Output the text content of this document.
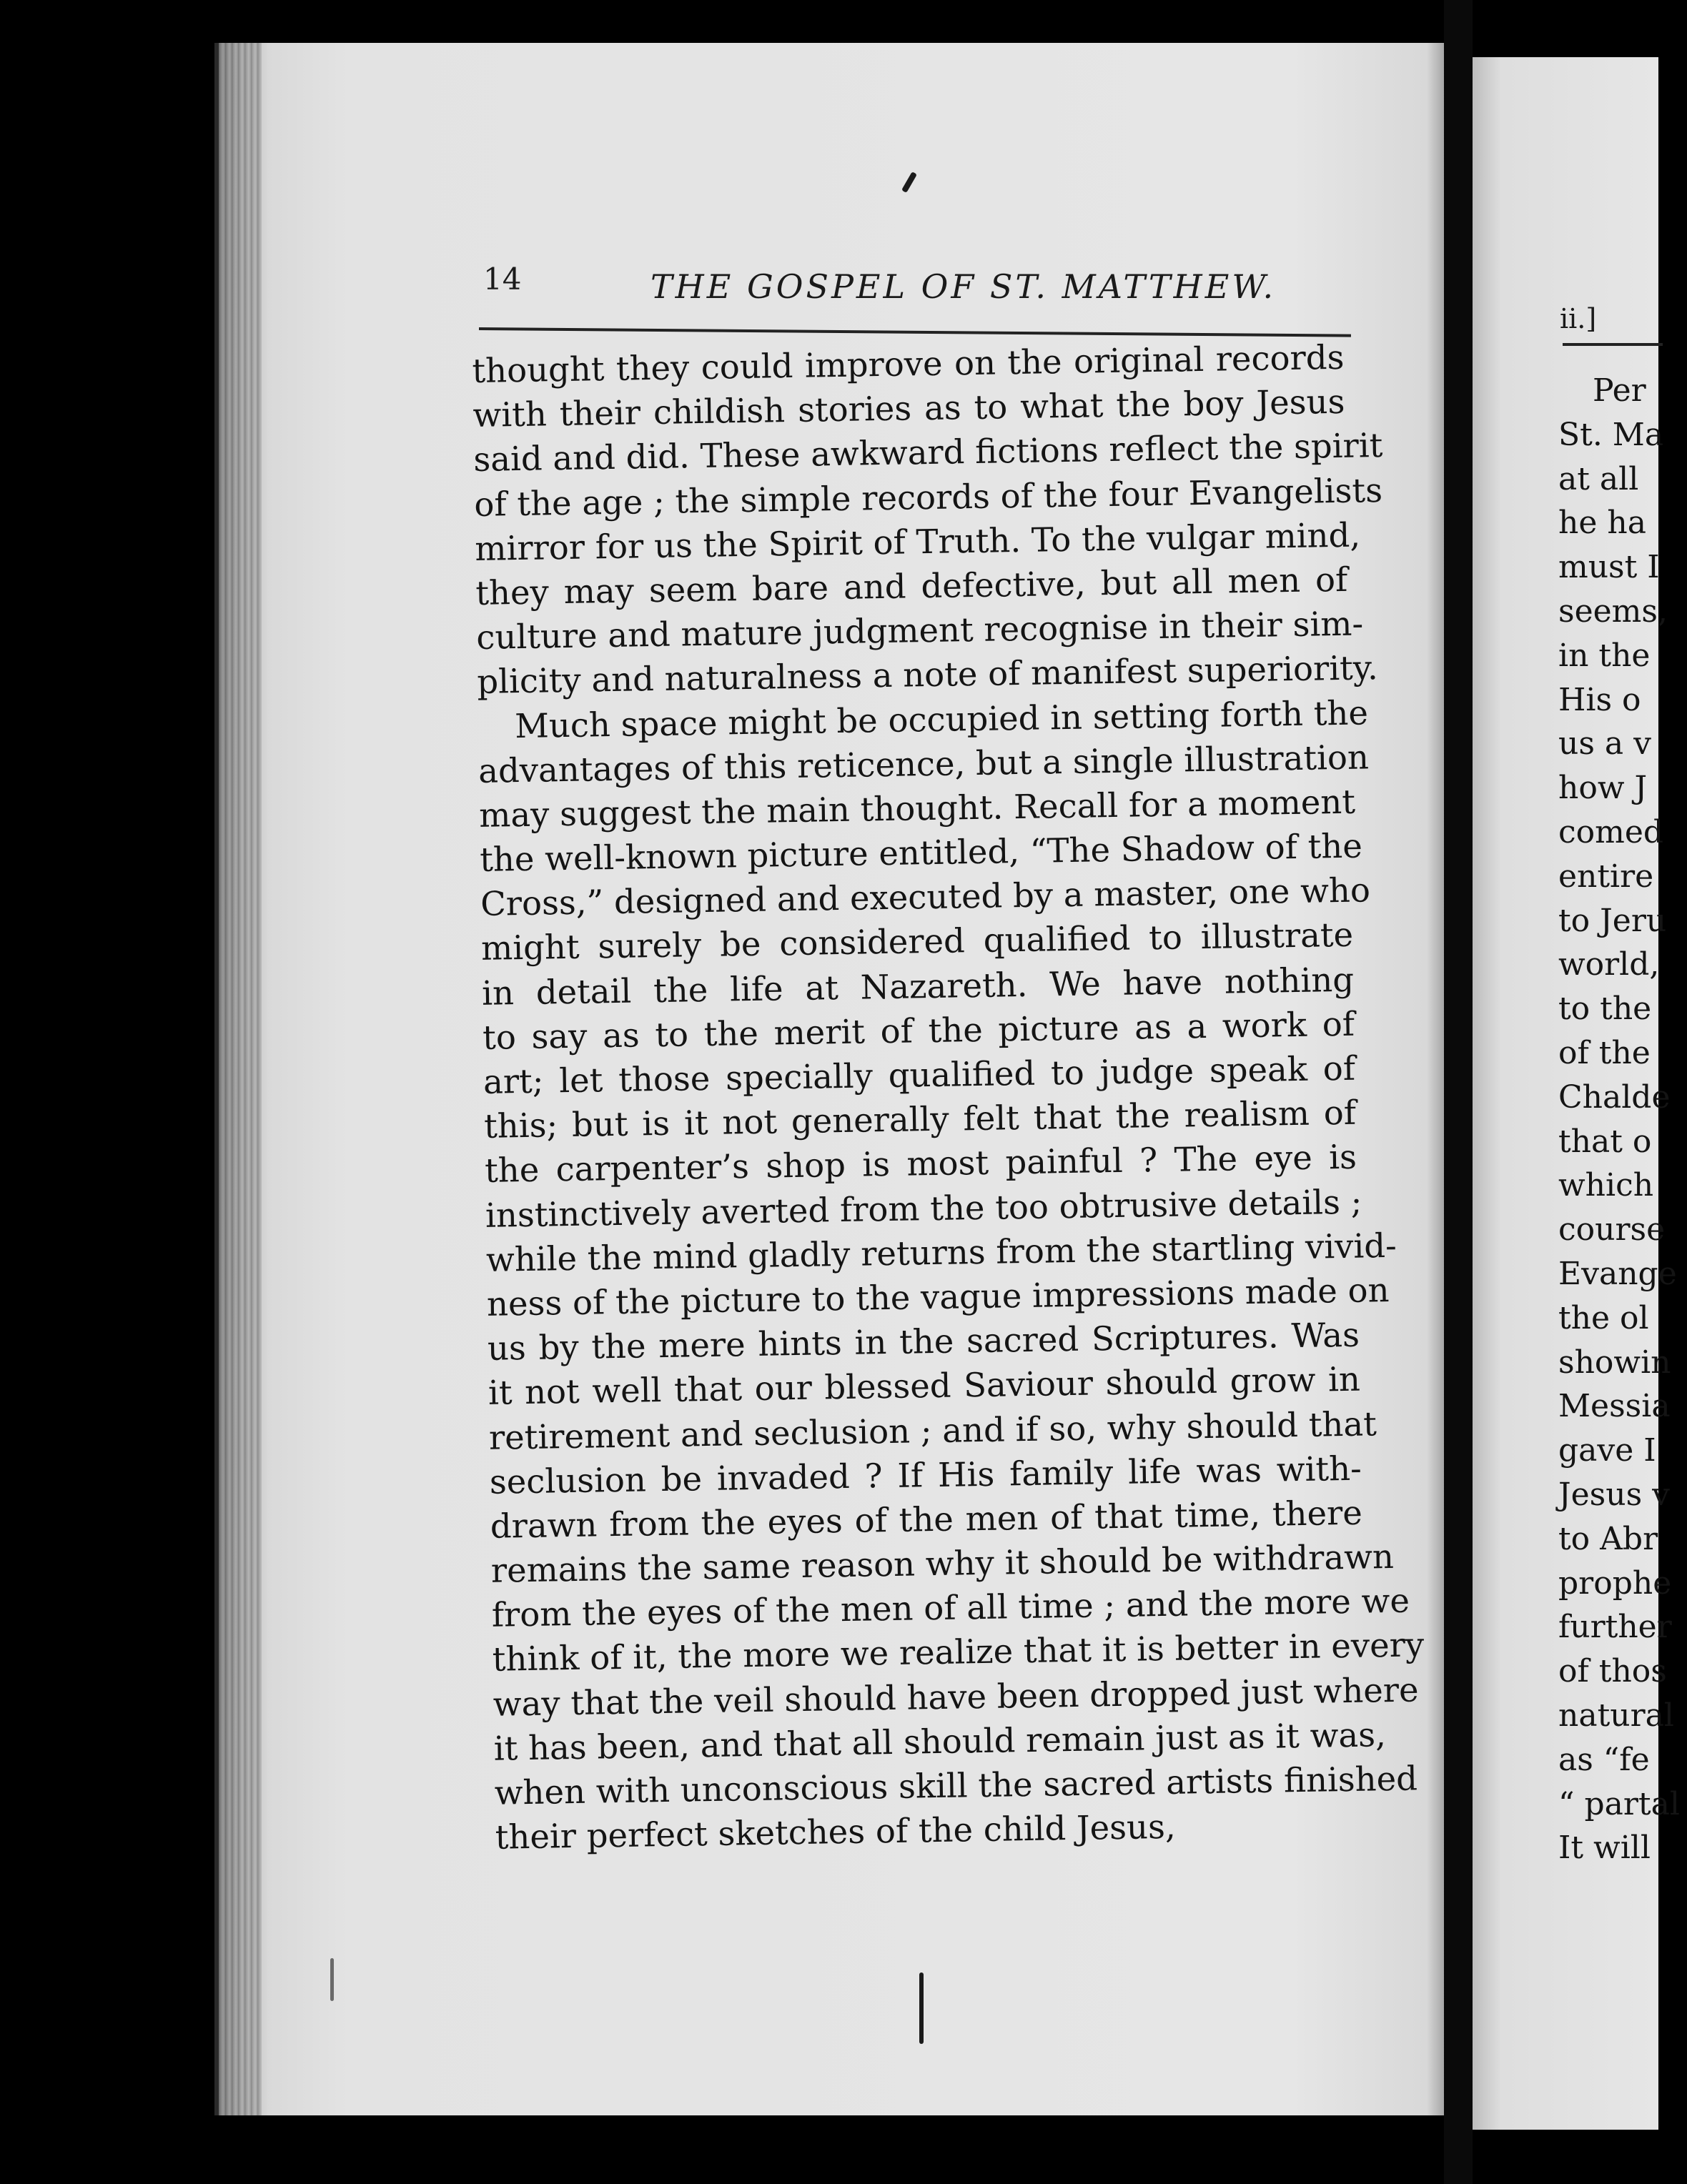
14	THE GOSPEL OF ST. MATTHEW.
thought they could improve on the original records
with their childish stories as to what the boy Jesus
said and did. These awkward fictions reflect the spirit
of the age ; the simple records of the four Evangelists
mirror for us the Spirit of Truth. To the vulgar mind,
they may seem bare and defective, but all men of
culture and mature judgment recognise in their sim-
plicity and naturalness a note of manifest superiority.
Much space might be occupied in setting forth the
advantages of this reticence, but a single illustration
may suggest the main thought. Recall for a moment
the well-known picture entitled, “The Shadow of the
Cross,” designed and executed by a master, one who
might surely be considered qualified to illustrate
in detail the life at Nazareth. We have nothing
to say as to the merit of the picture as a work of
art; let those specially qualified to judge speak of
this; but is it not generally felt that the realism of
the carpenter’s shop is most painful ? The eye is
instinctively averted from the too obtrusive details ;
while the mind gladly returns from the startling vivid-
ness of the picture to the vague impressions made on
us by the mere hints in the sacred Scriptures. Was
it not well that our blessed Saviour should grow in
retirement and seclusion ; and if so, why should that
seclusion be invaded ? If His family life was with-
drawn from the eyes of the men of that time, there
remains the same reason why it should be withdrawn
from the eyes of the men of all time ; and the more we
think of it, the more we realize that it is better in every
way that the veil should have been dropped just where
it has been, and that all should remain just as it was,
when with unconscious skill the sacred artists finished
their perfect sketches of the child Jesus,
ii.]
Per
St. Ma
at all
he ha
must I
seems,
in the
His o
us a v
how J
comed
entire
to Jeru
world,
to the
of the
Chalde
that o
which
course
Evange
the ol
showin
Messia
gave I
Jesus v
to Abr
prophe
further
of thos
natural
as “fe
“ partal
It will
